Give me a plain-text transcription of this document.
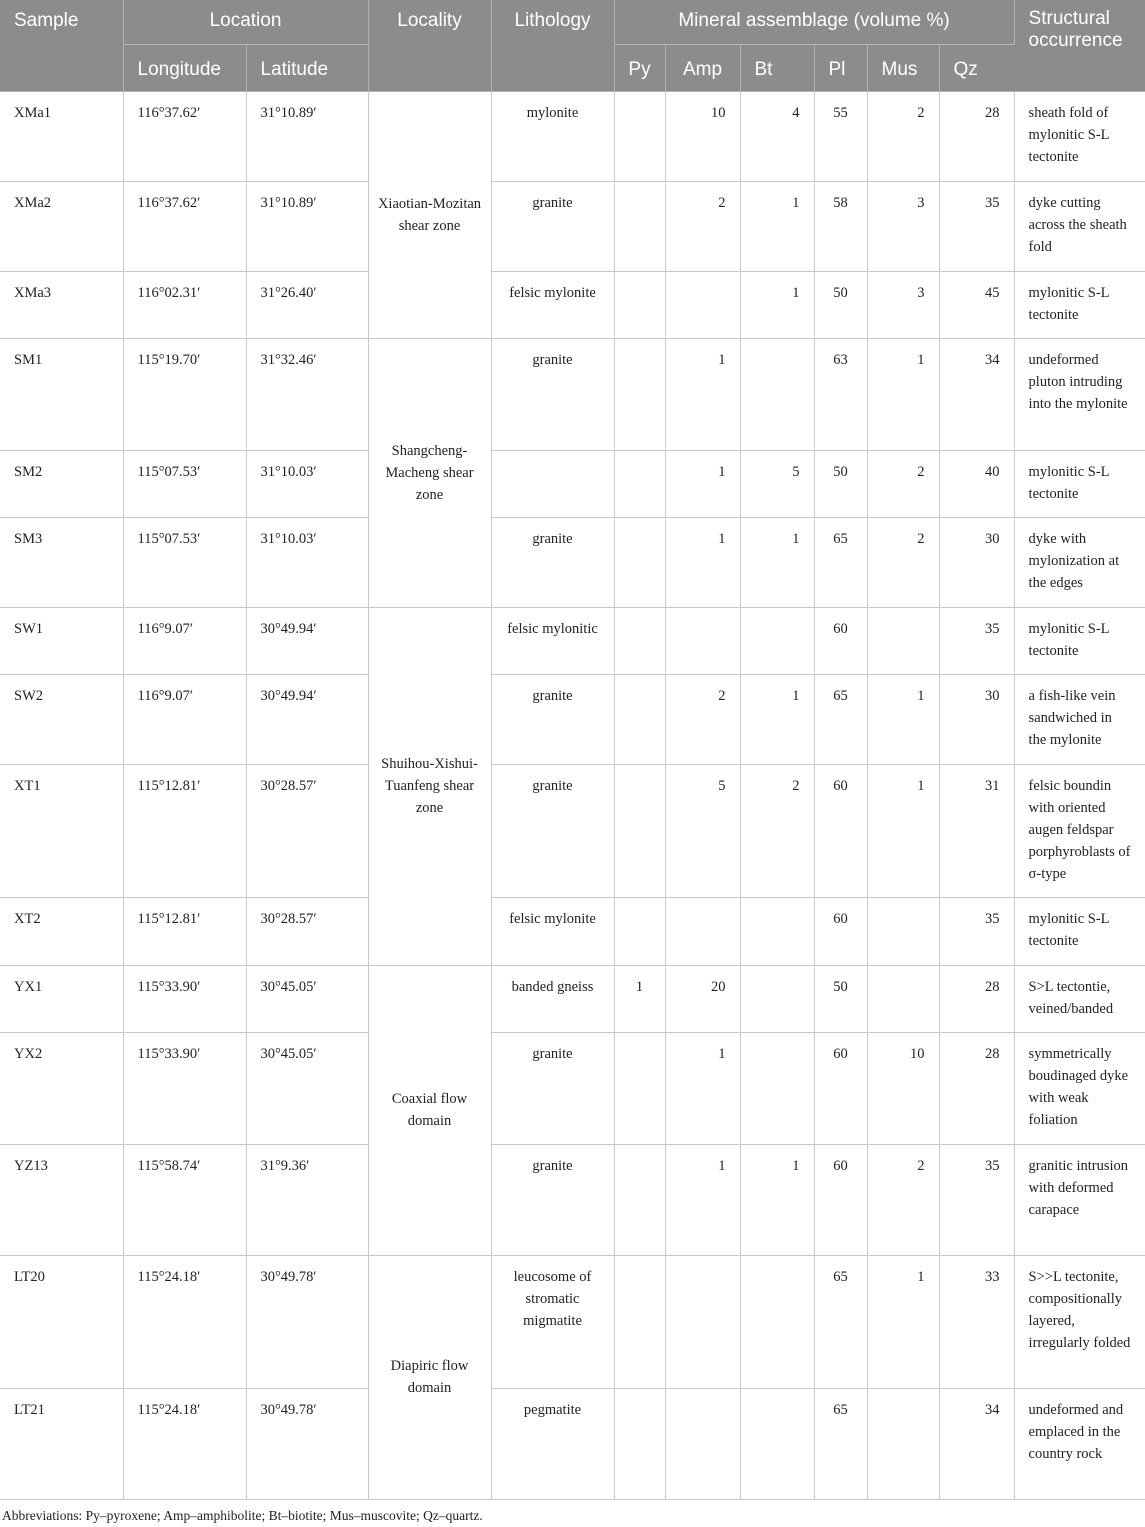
Sample	Location		Locality	Lithology	Mineral assemblage (volume %)						Structural occurrence
	Longitude	Latitude			Py	Amp	Bt	Pl	Mus	Qz	
XMa1	116°37.62′	31°10.89′	Xiaotian-Mozitan shear zone	mylonite		10	4	55	2	28	sheath fold of mylonitic S-L tectonite
XMa2	116°37.62′	31°10.89′		granite		2	1	58	3	35	dyke cutting across the sheath fold
XMa3	116°02.31′	31°26.40′		felsic mylonite			1	50	3	45	mylonitic S-L tectonite
SM1	115°19.70′	31°32.46′	Shangcheng-Macheng shear zone	granite		1		63	1	34	undeformed pluton intruding into the mylonite
SM2	115°07.53′	31°10.03′				1	5	50	2	40	mylonitic S-L tectonite
SM3	115°07.53′	31°10.03′		granite		1	1	65	2	30	dyke with mylonization at the edges
SW1	116°9.07′	30°49.94′	Shuihou-Xishui-Tuanfeng shear zone	felsic mylonitic				60		35	mylonitic S-L tectonite
SW2	116°9.07′	30°49.94′		granite		2	1	65	1	30	a fish-like vein sandwiched in the mylonite
XT1	115°12.81′	30°28.57′		granite		5	2	60	1	31	felsic boundin with oriented augen feldspar porphyroblasts of σ-type
XT2	115°12.81′	30°28.57′		felsic mylonite				60		35	mylonitic S-L tectonite
YX1	115°33.90′	30°45.05′	Coaxial flow domain	banded gneiss	1	20		50		28	S>L tectontie, veined/banded
YX2	115°33.90′	30°45.05′		granite		1		60	10	28	symmetrically boudinaged dyke with weak foliation
YZ13	115°58.74′	31°9.36′		granite		1	1	60	2	35	granitic intrusion with deformed carapace
LT20	115°24.18′	30°49.78′	Diapiric flow domain	leucosome of stromatic migmatite				65	1	33	S>>L tectonite, compositionally layered, irregularly folded
LT21	115°24.18′	30°49.78′		pegmatite				65		34	undeformed and emplaced in the country rock
Abbreviations: Py–pyroxene; Amp–amphibolite; Bt–biotite; Mus–muscovite; Qz–quartz.
